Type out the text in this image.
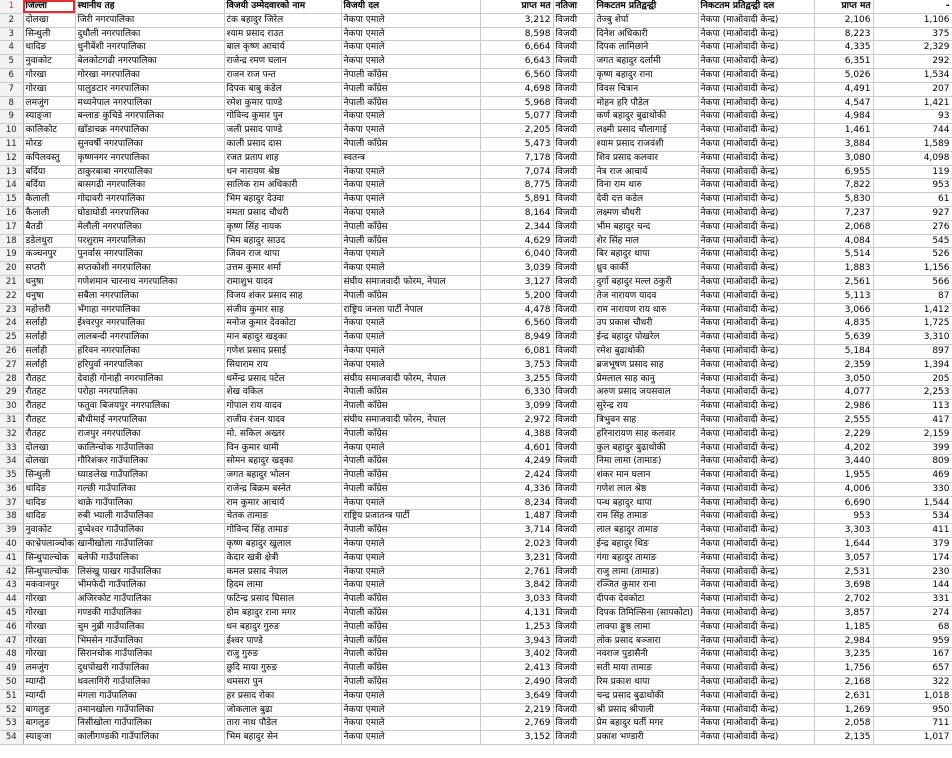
1	जिल्ला	स्थानीय तह	विजयी उम्मेदवारको नाम	विजयी दल	प्राप्त मत	नतिजा	निकटतम प्रतिद्वन्द्वी	निकटतम प्रतिद्वन्द्वी दल	प्राप्त मत	-
2	दोलखा	जिरी नगरपालिका	टंक बहादुर जिरेल	नेकपा एमाले	3,212	विजयी	तेज्बु शेर्पा	नेकपा (माओवादी केन्द्र)	2,106	1,106
3	सिन्धुली	दुधौली नगरपालिका	श्याम प्रसाद राउत	नेकपा एमाले	8,598	विजयी	दिनेश अधिकारी	नेकपा (माओवादी केन्द्र)	8,223	375
4	धादिङ	धुनीबेंशी नगरपालिका	बाल कृष्ण आचार्य	नेकपा एमाले	6,664	विजयी	दिपक लामिछाने	नेकपा (माओवादी केन्द्र)	4,335	2,329
5	नुवाकोट	बेलकोटगढी नगरपालिका	राजेन्द्र रमण घलान	नेकपा एमाले	6,643	विजयी	जगत बहादुर दर्लामी	नेकपा (माओवादी केन्द्र)	6,351	292
6	गोरखा	गोरखा नगरपालिका	राजन राज पन्त	नेपाली काँग्रेस	6,560	विजयी	कृष्ण बहादुर राना	नेकपा (माओवादी केन्द्र)	5,026	1,534
7	गोरखा	पालुङटार नगरपालिका	दिपक बाबु कंडेल	नेपाली काँग्रेस	4,698	विजयी	विवस चित्रान	नेकपा (माओवादी केन्द्र)	4,491	207
8	लमजुंग	मध्यनेपाल नगरपालिका	रमेश कुमार पाण्डे	नेपाली काँग्रेस	5,968	विजयी	मोहन हरि पौडेल	नेकपा (माओवादी केन्द्र)	4,547	1,421
9	स्याङ्जा	बन्लाङ कुचिडे नगरपालिका	गोविन्द कुमार पुन	नेकपा एमाले	5,077	विजयी	कर्ण बहादुर बुढाथोकी	नेकपा (माओवादी केन्द्र)	4,984	93
10	कालिकोट	खाँडाचक्र नगरपालिका	जली प्रसाद पाण्डे	नेकपा एमाले	2,205	विजयी	लक्ष्मी प्रसाद चौलागाई	नेकपा (माओवादी केन्द्र)	1,461	744
11	मोरङ	सुनवर्षी नगरपालिका	काली प्रसाद दास	नेपाली काँग्रेस	5,473	विजयी	श्याम प्रसाद राजवंशी	नेकपा (माओवादी केन्द्र)	3,884	1,589
12	कपिलवस्तु	कृष्णनगर नगरपालिका	रजत प्रताप शाह	स्वतन्त्र	7,178	विजयी	शिव प्रसाद कलवार	नेकपा (माओवादी केन्द्र)	3,080	4,098
13	बर्दिया	ठाकुरबाबा नगरपालिका	धन नारायण श्रेष्ठ	नेकपा एमाले	7,074	विजयी	नेत्र राज आचार्य	नेकपा (माओवादी केन्द्र)	6,955	119
14	बर्दिया	बासगढी नगरपालिका	सालिक राम अधिकारी	नेकपा एमाले	8,775	विजयी	विना राम थारु	नेकपा (माओवादी केन्द्र)	7,822	953
15	कैलाली	गोदावरी नगरपालिका	भिम बहादुर देउवा	नेकपा एमाले	5,891	विजयी	देवी दत्त कडेल	नेकपा (माओवादी केन्द्र)	5,830	61
16	कैलाली	घोडाघोडी नगरपालिका	ममता प्रसाद चौधरी	नेकपा एमाले	8,164	विजयी	लक्ष्मण चौधरी	नेकपा (माओवादी केन्द्र)	7,237	927
17	बैतडी	मेलौली नगरपालिका	कृष्ण सिंह नायक	नेपाली काँग्रेस	2,344	विजयी	भीम बहादुर चन्द	नेकपा (माओवादी केन्द्र)	2,068	276
18	डडेलधुरा	परशुराम नगरपालिका	भिम बहादुर साउद	नेपाली काँग्रेस	4,629	विजयी	शेर सिंह माल	नेकपा (माओवादी केन्द्र)	4,084	545
19	कञ्चनपुर	पुनर्वास नगरपालिका	जिवन राज थापा	नेकपा एमाले	6,040	विजयी	बिर बहादुर थापा	नेकपा (माओवादी केन्द्र)	5,514	526
20	सप्तरी	सप्तकोशी नगरपालिका	उत्तम कुमार शर्मा	नेकपा एमाले	3,039	विजयी	ध्रुव कार्की	नेकपा (माओवादी केन्द्र)	1,883	1,156
21	धनुषा	गणेशमान चारनाथ नगरपालिका	रामाशुभ यादव	संघीय समाजवादी फोरम, नेपाल	3,127	विजयी	दुर्गा बहादुर मल्ल ठकुरी	नेकपा (माओवादी केन्द्र)	2,561	566
22	धनुषा	सबैला नगरपालिका	विजय शंकर प्रसाद साह	नेपाली काँग्रेस	5,200	विजयी	तेज नारायण यादव	नेकपा (माओवादी केन्द्र)	5,113	87
23	महोत्तरी	भँगाहा नगरपालिका	संजीव कुमार साह	राष्ट्रिय जनता पार्टी नेपाल	4,478	विजयी	राम नारायण राय थारु	नेकपा (माओवादी केन्द्र)	3,066	1,412
24	सर्लाही	ईश्वरपुर नगरपालिका	मनोज कुमार देवकोटा	नेकपा एमाले	6,560	विजयी	उप प्रकाश चौधरी	नेकपा (माओवादी केन्द्र)	4,835	1,725
25	सर्लाही	लालबन्दी नगरपालिका	मान बहादुर खड्का	नेकपा एमाले	8,949	विजयी	ईन्द्र बहादुर पोखरेल	नेकपा (माओवादी केन्द्र)	5,639	3,310
26	सर्लाही	हरिवन नगरपालिका	गणेश प्रसाद प्रसाई	नेकपा एमाले	6,081	विजयी	रमेश बुढाथोकी	नेकपा (माओवादी केन्द्र)	5,184	897
27	सर्लाही	हरिपुर्वा नगरपालिका	सियाराम राय	नेकपा एमाले	3,753	विजयी	ब्रजभूषण प्रसाद साह	नेकपा (माओवादी केन्द्र)	2,359	1,394
28	रौतहट	देवाही गोनाही नगरपालिका	धर्मेन्द्र प्रसाद पटेल	संघीय समाजवादी फोरम, नेपाल	3,255	विजयी	प्रेमलाल साह कानु	नेकपा (माओवादी केन्द्र)	3,050	205
29	रौतहट	परोहा नगरपालिका	शेख वकिल	नेपाली काँग्रेस	6,330	विजयी	अरुण प्रसाद जयसवाल	नेकपा (माओवादी केन्द्र)	4,077	2,253
30	रौतहट	फतुवा बिजयपुर नगरपालिका	गोपाल राय यादव	नेपाली काँग्रेस	3,099	विजयी	सुरेन्द्र राय	नेकपा (माओवादी केन्द्र)	2,986	113
31	रौतहट	बौधीमाई नगरपालिका	राजीव रंजन यादव	संघीय समाजवादी फोरम, नेपाल	2,972	विजयी	त्रिभुवन साह	नेकपा (माओवादी केन्द्र)	2,555	417
32	रौतहट	राजपुर नगरपालिका	मो. सकिल अख्तर	नेपाली काँग्रेस	4,388	विजयी	हरिनारायण साह कलवार	नेकपा (माओवादी केन्द्र)	2,229	2,159
33	दोलखा	कालिन्चोक गाउँपालिका	विन कुमार थामी	नेकपा एमाले	4,601	विजयी	कुल बहादुर बुढाथोकी	नेकपा (माओवादी केन्द्र)	4,202	399
34	दोलखा	गौरिशंकर गाउँपालिका	सोमन बहादुर खड्का	नेपाली काँग्रेस	4,249	विजयी	निमा लामा (तामाङ)	नेकपा (माओवादी केन्द्र)	3,440	809
35	सिन्धुली	घ्याङलेख गाउँपालिका	जगत बहादुर भोलन	नेपाली काँग्रेस	2,424	विजयी	शंकर मान घलान	नेकपा (माओवादी केन्द्र)	1,955	469
36	धादिङ	गल्छी गाउँपालिका	राजेन्द्र बिक्रम बस्नेत	नेपाली काँग्रेस	4,336	विजयी	गणेश लाल श्रेष्ठ	नेकपा (माओवादी केन्द्र)	4,006	330
37	धादिङ	थाक्रे गाउँपालिका	राम कुमार आचार्य	नेकपा एमाले	8,234	विजयी	पन्थ बहादुर थापा	नेकपा (माओवादी केन्द्र)	6,690	1,544
38	धादिङ	रुबी भ्याली गाउँपालिका	चेतक तामाङ	राष्ट्रिय प्रजातन्त्र पार्टी	1,487	विजयी	राम सिंह तामाङ	नेकपा (माओवादी केन्द्र)	953	534
39	नुवाकोट	दुप्चेश्वर गाउँपालिका	गोविन्द सिंह तामाङ	नेपाली काँग्रेस	3,714	विजयी	लाल बहादुर तामाङ	नेकपा (माओवादी केन्द्र)	3,303	411
40	काभ्रेपलाञ्चोक	खानीखोला गाउँपालिका	कृष्ण बहादुर खुलाल	नेकपा एमाले	2,023	विजयी	ईन्द्र बहादुर थिङ	नेकपा (माओवादी केन्द्र)	1,644	379
41	सिन्धुपाल्चोक	बलेफी गाउँपालिका	केदार खत्री क्षेत्री	नेकपा एमाले	3,231	विजयी	गंगा बहादुर तामाङ	नेकपा (माओवादी केन्द्र)	3,057	174
42	सिन्धुपाल्चोक	लिसंखु पाखर गाउँपालिका	कमल प्रसाद नेपाल	नेकपा एमाले	2,761	विजयी	राजु लामा (तामाङ)	नेकपा (माओवादी केन्द्र)	2,531	230
43	मकवानपुर	भीमफेदी गाउँपालिका	हिदम लामा	नेकपा एमाले	3,842	विजयी	रञ्जित कुमार राना	नेकपा (माओवादी केन्द्र)	3,698	144
44	गोरखा	अजिरकोट गाउँपालिका	फटिन्द्र प्रसाद घिसाल	नेपाली काँग्रेस	3,033	विजयी	दीपक देवकोटा	नेकपा (माओवादी केन्द्र)	2,702	331
45	गोरखा	गण्डकी गाउँपालिका	होम बहादुर राना मगर	नेपाली काँग्रेस	4,131	विजयी	दिपक तिमिल्सिना (सापकोटा)	नेकपा (माओवादी केन्द्र)	3,857	274
46	गोरखा	चुम नुब्री गाउँपालिका	धन बहादुर गुरुङ	नेपाली काँग्रेस	1,253	विजयी	लाक्पा ङ्गुष्ठ लामा	नेकपा (माओवादी केन्द्र)	1,185	68
47	गोरखा	भिमसेन गाउँपालिका	ईश्वर पाण्डे	नेपाली काँग्रेस	3,943	विजयी	लोक प्रसाद बञ्जारा	नेकपा (माओवादी केन्द्र)	2,984	959
48	गोरखा	सिरानचोक गाउँपालिका	राजु गुरुङ	नेपाली काँग्रेस	3,402	विजयी	नवराज पुडासैनी	नेकपा (माओवादी केन्द्र)	3,235	167
49	लमजुंग	दुधपोखरी गाउँपालिका	छुदि माया गुरुङ	नेपाली काँग्रेस	2,413	विजयी	सती माया तामाङ	नेकपा (माओवादी केन्द्र)	1,756	657
50	म्याग्दी	धवलागिरी गाउँपालिका	थमसरा पुन	नेपाली काँग्रेस	2,490	विजयी	रिम प्रकाश थापा	नेकपा (माओवादी केन्द्र)	2,168	322
51	म्याग्दी	मंगला गाउँपालिका	हर प्रसाद रोका	नेकपा एमाले	3,649	विजयी	चन्द्र प्रसाद बुढाथोकी	नेकपा (माओवादी केन्द्र)	2,631	1,018
52	बागलुङ	तमानखोला गाउँपालिका	जोकलाल बुढा	नेकपा एमाले	2,219	विजयी	श्री प्रसाद श्रीपाली	नेकपा (माओवादी केन्द्र)	1,269	950
53	बागलुङ	निसीखोला गाउँपालिका	तारा नाथ पौडेल	नेकपा एमाले	2,769	विजयी	प्रेम बहादुर घर्ती मगर	नेकपा (माओवादी केन्द्र)	2,058	711
54	स्याङ्जा	कालीगण्डकी गाउँपालिका	भिम बहादुर सेन	नेकपा एमाले	3,152	विजयी	प्रकाश भण्डारी	नेकपा (माओवादी केन्द्र)	2,135	1,017
